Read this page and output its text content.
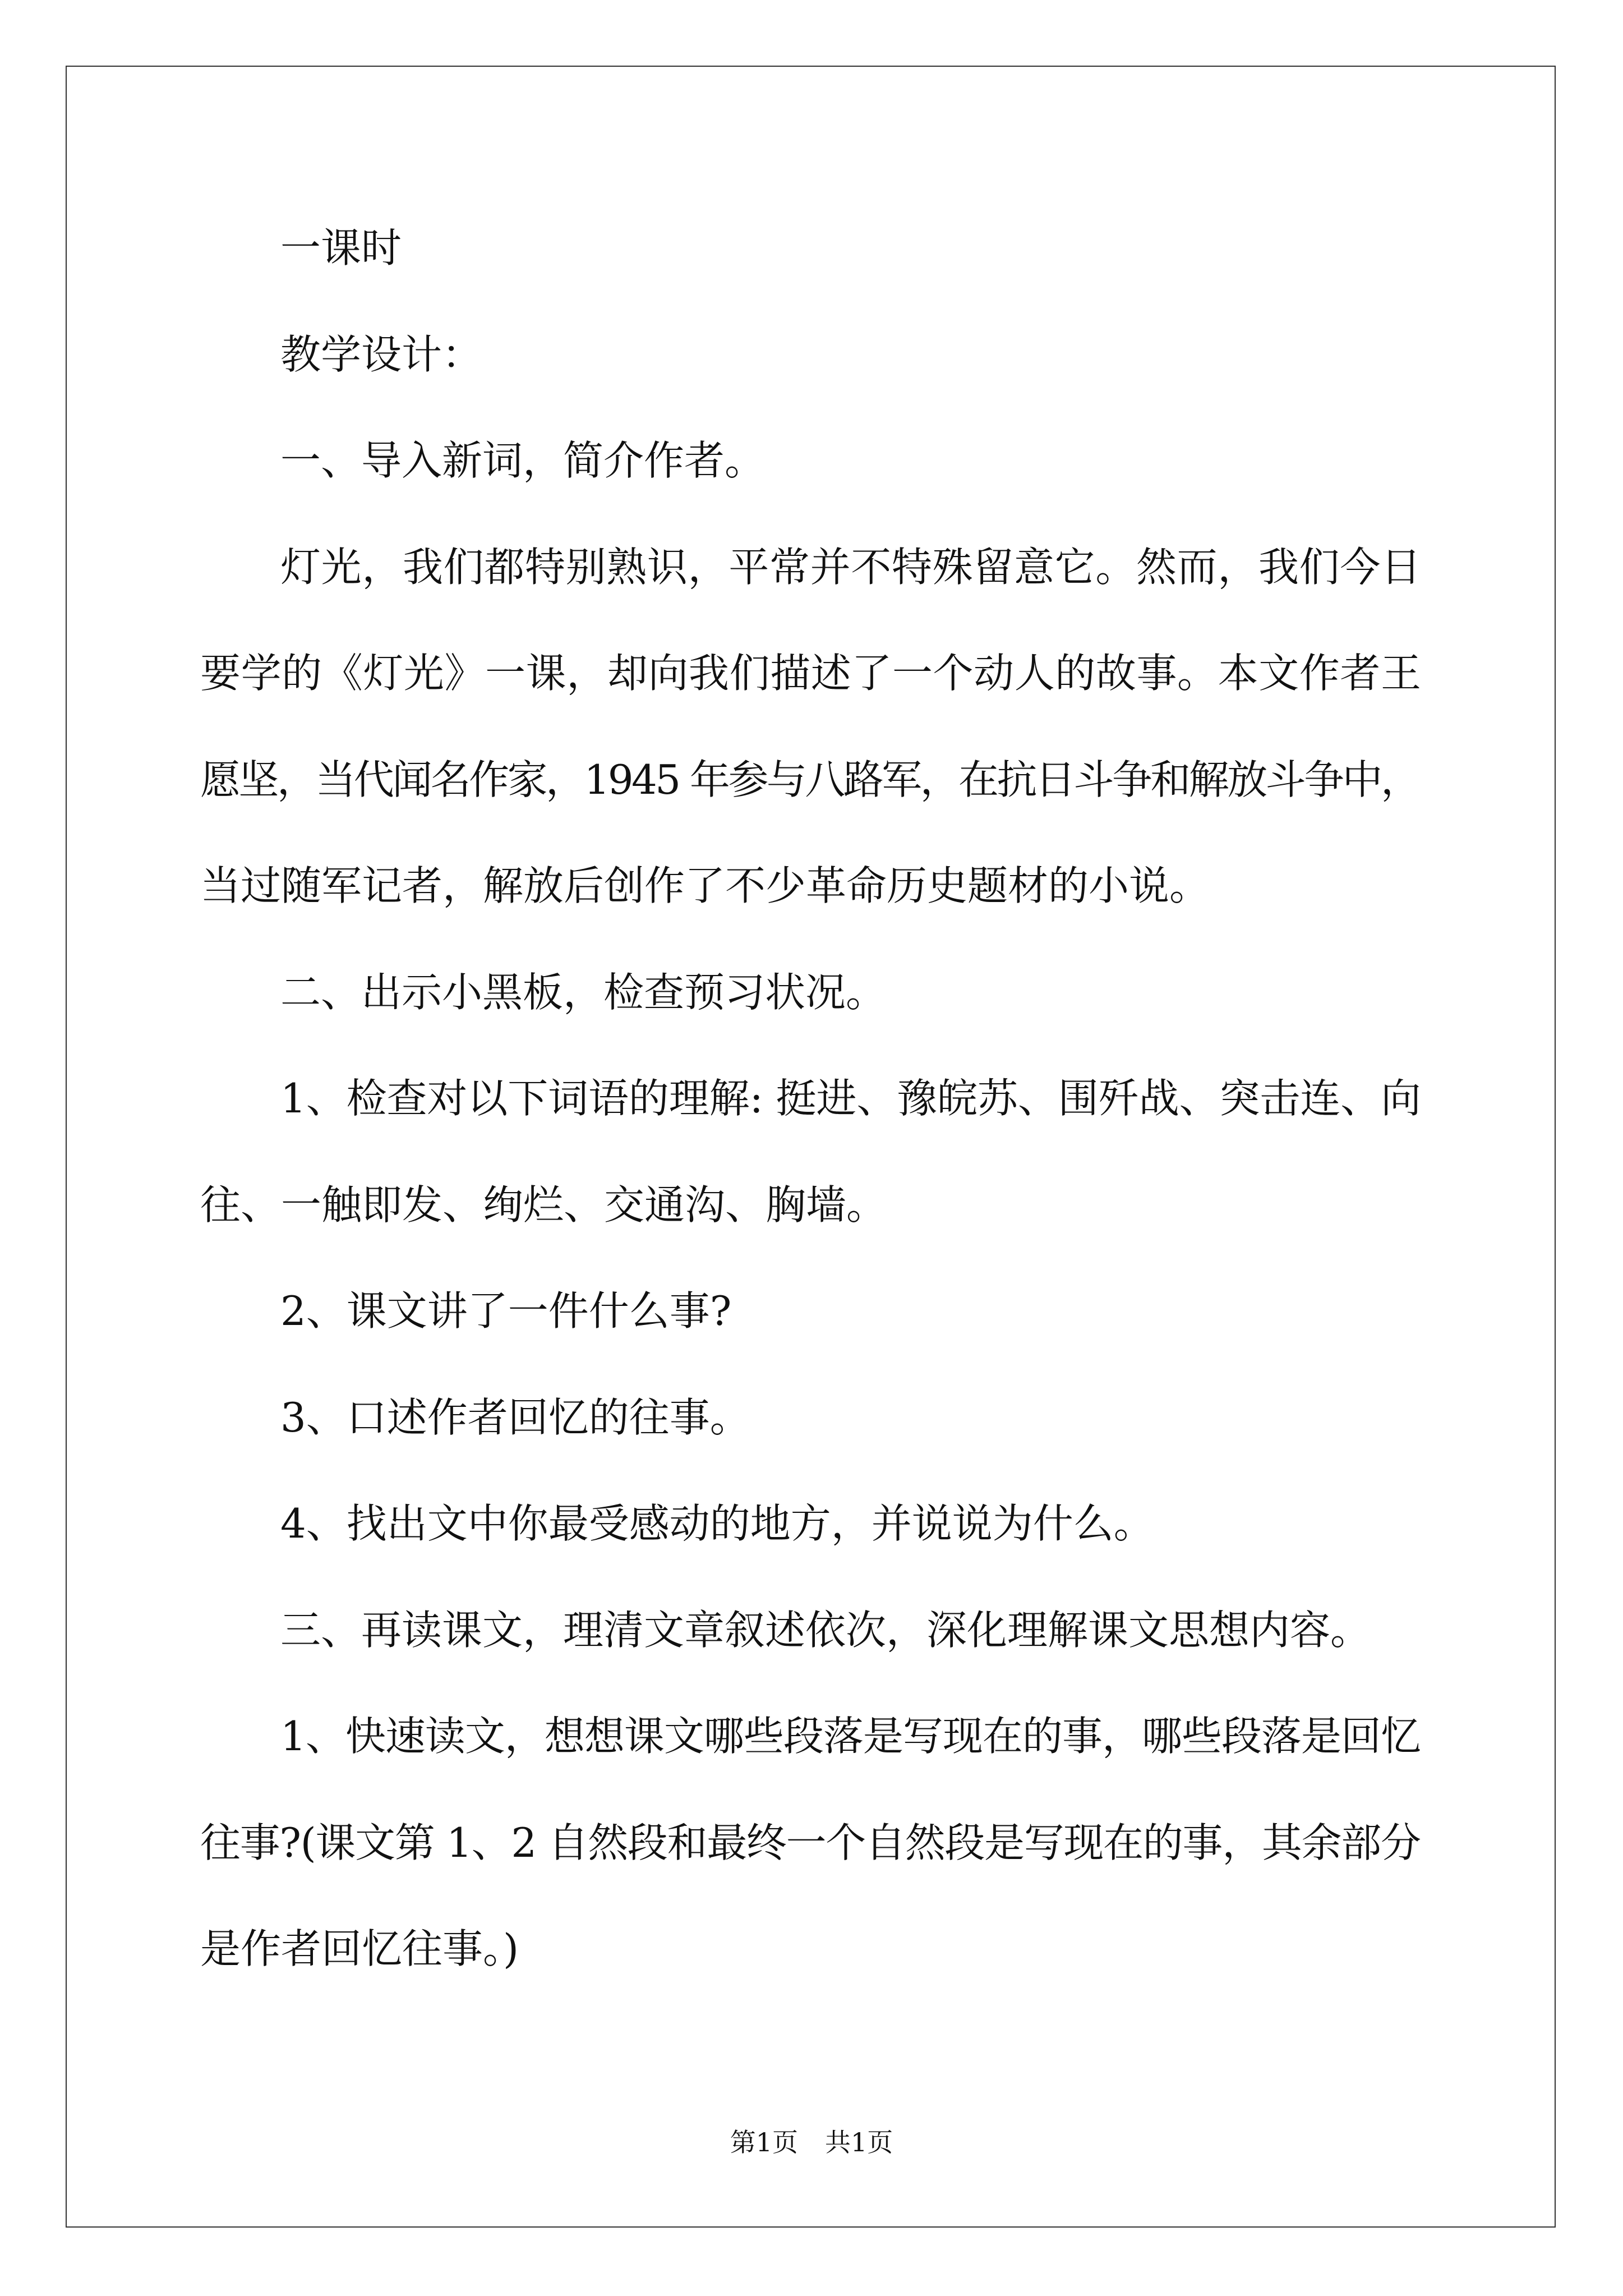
一课时
教学设计：
一、导入新词，简介作者。
灯光，我们都特别熟识，平常并不特殊留意它。然而，我们今日
要学的《灯光》一课，却向我们描述了一个动人的故事。本文作者王
愿坚，当代闻名作家，1945 年参与八路军，在抗日斗争和解放斗争中，
当过随军记者，解放后创作了不少革命历史题材的小说。
二、出示小黑板，检查预习状况。
1、检查对以下词语的理解: 挺进、豫皖苏、围歼战、突击连、向
往、一触即发、绚烂、交通沟、胸墙。
2、课文讲了一件什么事?
3、口述作者回忆的往事。
4、找出文中你最受感动的地方，并说说为什么。
三、再读课文，理清文章叙述依次，深化理解课文思想内容。
1、快速读文，想想课文哪些段落是写现在的事，哪些段落是回忆
往事?(课文第 1、2 自然段和最终一个自然段是写现在的事，其余部分
是作者回忆往事。)
第1页 共1页
